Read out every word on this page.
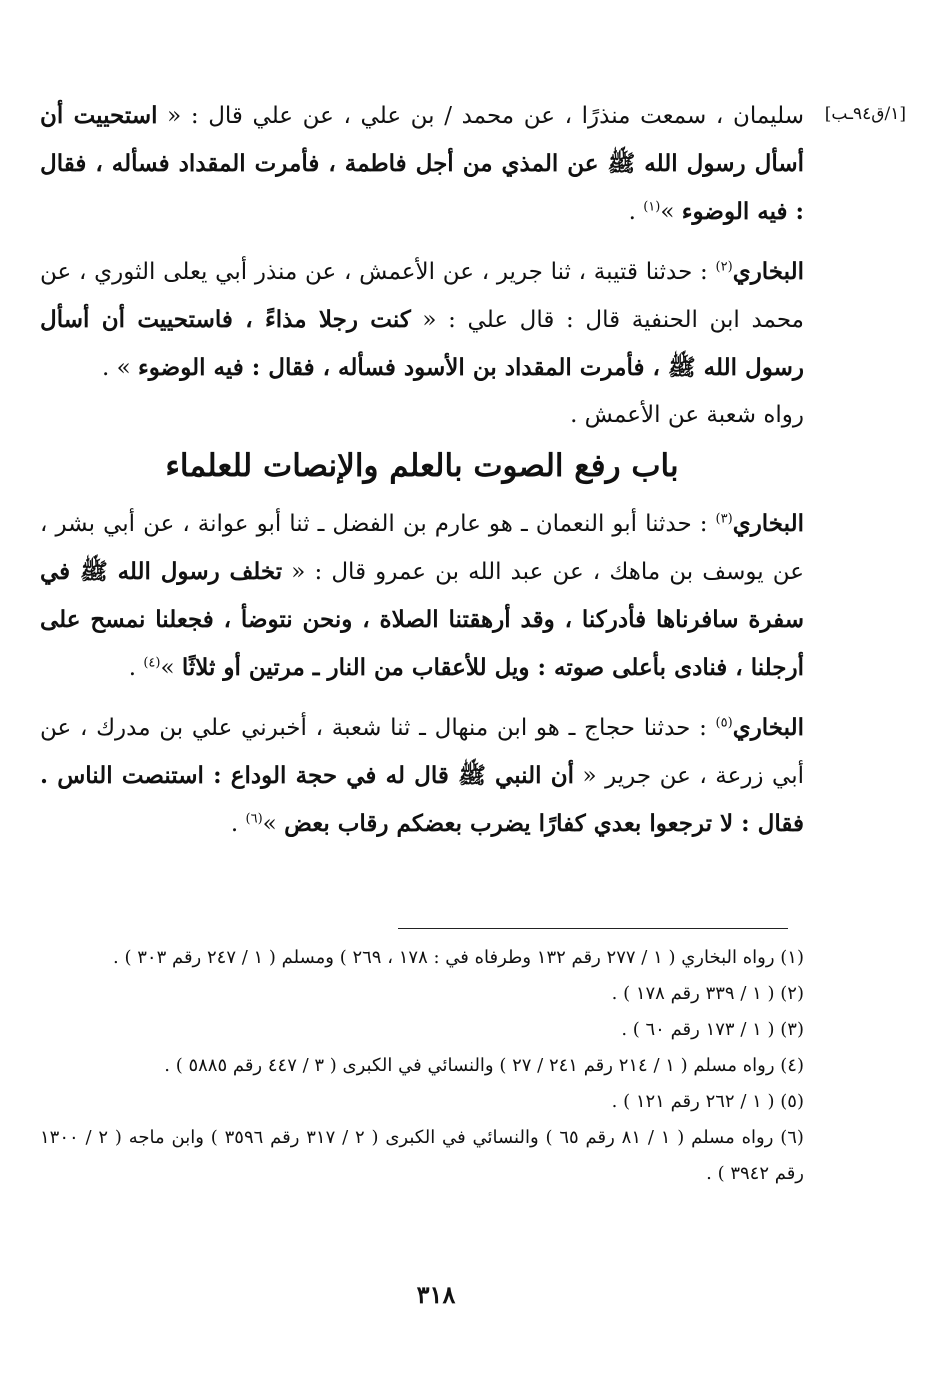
[١/ق٩٤ـب]

سليمان ، سمعت منذرًا ، عن محمد / بن علي ، عن علي قال : « استحييت أن أسأل رسول الله ﷺ عن المذي من أجل فاطمة ، فأمرت المقداد فسأله ، فقال : فيه الوضوء »$^{(١)}$ .

البخاري$^{(٢)}$ : حدثنا قتيبة ، ثنا جرير ، عن الأعمش ، عن منذر أبي يعلى الثوري ، عن محمد ابن الحنفية قال : قال علي : « كنت رجلا مذاءً ، فاستحييت أن أسأل رسول الله ﷺ ، فأمرت المقداد بن الأسود فسأله ، فقال : فيه الوضوء » .
رواه شعبة عن الأعمش .

باب رفع الصوت بالعلم والإنصات للعلماء

البخاري$^{(٣)}$ : حدثنا أبو النعمان ـ هو عارم بن الفضل ـ ثنا أبو عوانة ، عن أبي بشر ، عن يوسف بن ماهك ، عن عبد الله بن عمرو قال : « تخلف رسول الله ﷺ في سفرة سافرناها فأدركنا ، وقد أرهقتنا الصلاة ، ونحن نتوضأ ، فجعلنا نمسح على أرجلنا ، فنادى بأعلى صوته : ويل للأعقاب من النار ـ مرتين أو ثلاثًا »$^{(٤)}$ .

البخاري$^{(٥)}$ : حدثنا حجاج ـ هو ابن منهال ـ ثنا شعبة ، أخبرني علي بن مدرك ، عن أبي زرعة ، عن جرير « أن النبي ﷺ قال له في حجة الوداع : استنصت الناس . فقال : لا ترجعوا بعدي كفارًا يضرب بعضكم رقاب بعض »$^{(٦)}$ .

(١) رواه البخاري ( ١ / ٢٧٧ رقم ١٣٢ وطرفاه في : ١٧٨ ، ٢٦٩ ) ومسلم ( ١ / ٢٤٧ رقم ٣٠٣ ) .
(٢) ( ١ / ٣٣٩ رقم ١٧٨ ) .
(٣) ( ١ / ١٧٣ رقم ٦٠ ) .
(٤) رواه مسلم ( ١ / ٢١٤ رقم ٢٤١ / ٢٧ ) والنسائي في الكبرى ( ٣ / ٤٤٧ رقم ٥٨٨٥ ) .
(٥) ( ١ / ٢٦٢ رقم ١٢١ ) .
(٦) رواه مسلم ( ١ / ٨١ رقم ٦٥ ) والنسائي في الكبرى ( ٢ / ٣١٧ رقم ٣٥٩٦ ) وابن ماجه ( ٢ / ١٣٠٠ رقم ٣٩٤٢ ) .
٣١٨
